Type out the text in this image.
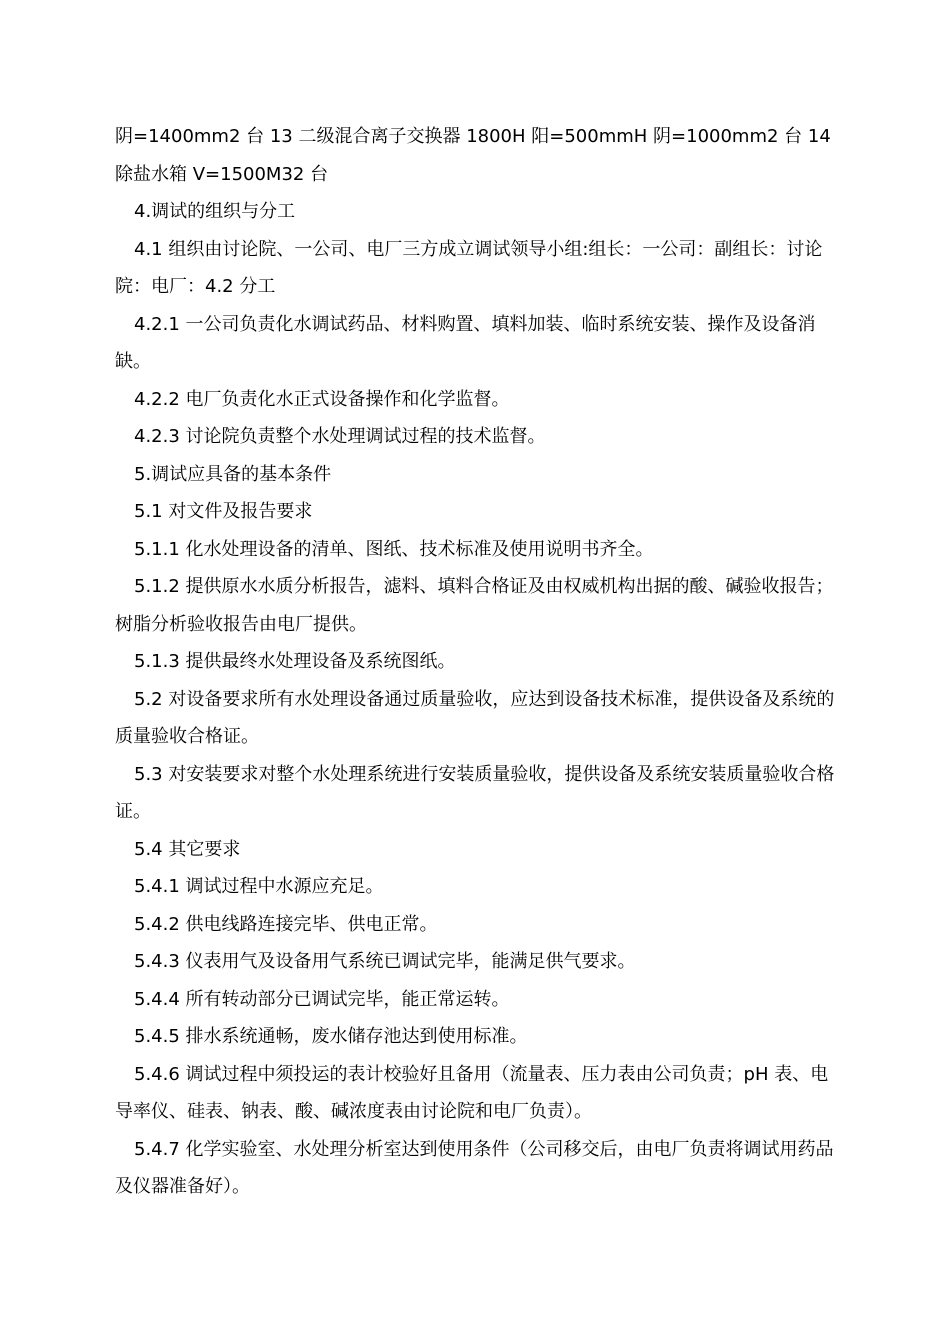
阴=1400mm2 台 13 二级混合离子交换器 1800H 阳=500mmH 阴=1000mm2 台 14 除盐水箱 V=1500M32 台

4.调试的组织与分工

4.1 组织由讨论院、一公司、电厂三方成立调试领导小组:组长：一公司：副组长：讨论院：电厂：4.2 分工

4.2.1 一公司负责化水调试药品、材料购置、填料加装、临时系统安装、操作及设备消缺。

4.2.2 电厂负责化水正式设备操作和化学监督。

4.2.3 讨论院负责整个水处理调试过程的技术监督。

5.调试应具备的基本条件

5.1 对文件及报告要求

5.1.1 化水处理设备的清单、图纸、技术标准及使用说明书齐全。

5.1.2 提供原水水质分析报告，滤料、填料合格证及由权威机构出据的酸、碱验收报告；树脂分析验收报告由电厂提供。

5.1.3 提供最终水处理设备及系统图纸。

5.2 对设备要求所有水处理设备通过质量验收，应达到设备技术标准，提供设备及系统的质量验收合格证。

5.3 对安装要求对整个水处理系统进行安装质量验收，提供设备及系统安装质量验收合格证。

5.4 其它要求

5.4.1 调试过程中水源应充足。

5.4.2 供电线路连接完毕、供电正常。

5.4.3 仪表用气及设备用气系统已调试完毕，能满足供气要求。

5.4.4 所有转动部分已调试完毕，能正常运转。

5.4.5 排水系统通畅，废水储存池达到使用标准。

5.4.6 调试过程中须投运的表计校验好且备用（流量表、压力表由公司负责；pH 表、电导率仪、硅表、钠表、酸、碱浓度表由讨论院和电厂负责）。

5.4.7 化学实验室、水处理分析室达到使用条件（公司移交后，由电厂负责将调试用药品及仪器准备好）。
